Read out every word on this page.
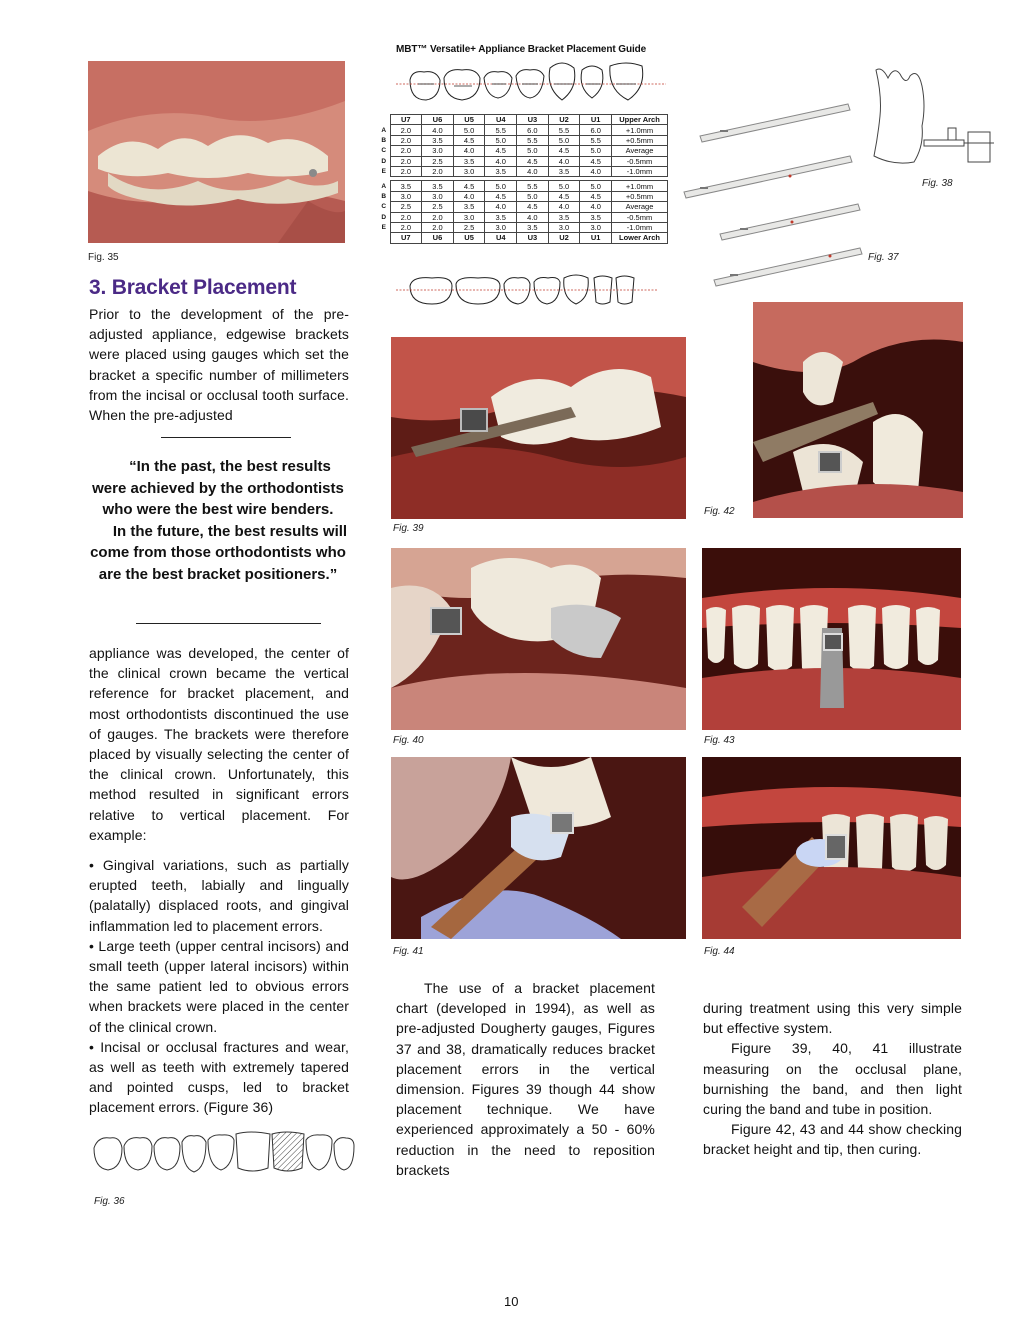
Fig. 35
3. Bracket Placement

Prior to the development of the pre-adjusted appliance, edgewise brackets were placed using gauges which set the bracket a specific number of millimeters from the incisal or occlusal tooth surface. When the pre-adjusted

“In the past, the best results were achieved by the orthodontists who were the best wire benders.

In the future, the best results will come from those orthodontists who are the best bracket positioners.”

appliance was developed, the center of the clinical crown became the vertical reference for bracket placement, and most orthodontists discontinued the use of gauges. The brackets were therefore placed by visually selecting the center of the clinical crown. Unfortunately, this method resulted in significant errors relative to vertical placement. For example:

• Gingival variations, such as partially erupted teeth, labially and lingually (palatally) displaced roots, and gingival inflammation led to placement errors.

• Large teeth (upper central incisors) and small teeth (upper lateral incisors) within the same patient led to obvious errors when brackets were placed in the center of the clinical crown.

• Incisal or occlusal fractures and wear, as well as teeth with extremely tapered and pointed cusps, led to bracket placement errors. (Figure 36)

Fig. 36
MBT™ Versatile+ Appliance Bracket Placement Guide
	U7	U6	U5	U4	U3	U2	U1	Upper Arch
A	2.0	4.0	5.0	5.5	6.0	5.5	6.0	+1.0mm
B	2.0	3.5	4.5	5.0	5.5	5.0	5.5	+0.5mm
C	2.0	3.0	4.0	4.5	5.0	4.5	5.0	Average
D	2.0	2.5	3.5	4.0	4.5	4.0	4.5	-0.5mm
E	2.0	2.0	3.0	3.5	4.0	3.5	4.0	-1.0mm

A	3.5	3.5	4.5	5.0	5.5	5.0	5.0	+1.0mm
B	3.0	3.0	4.0	4.5	5.0	4.5	4.5	+0.5mm
C	2.5	2.5	3.5	4.0	4.5	4.0	4.0	Average
D	2.0	2.0	3.0	3.5	4.0	3.5	3.5	-0.5mm
E	2.0	2.0	2.5	3.0	3.5	3.0	3.0	-1.0mm
	U7	U6	U5	U4	U3	U2	U1	Lower Arch
Fig. 37
Fig. 38
Fig. 39
Fig. 40
Fig. 41
Fig. 42
Fig. 43
Fig. 44

The use of a bracket placement chart (developed in 1994), as well as pre-adjusted Dougherty gauges, Figures 37 and 38, dramatically reduces bracket placement errors in the vertical dimension. Figures 39 though 44 show placement technique. We have experienced approximately a 50 - 60% reduction in the need to reposition brackets

during treatment using this very simple but effective system.

Figure 39, 40, 41 illustrate measuring on the occlusal plane, burnishing the band, and then light curing the band and tube in position.

Figure 42, 43 and 44 show checking bracket height and tip, then curing.

10
